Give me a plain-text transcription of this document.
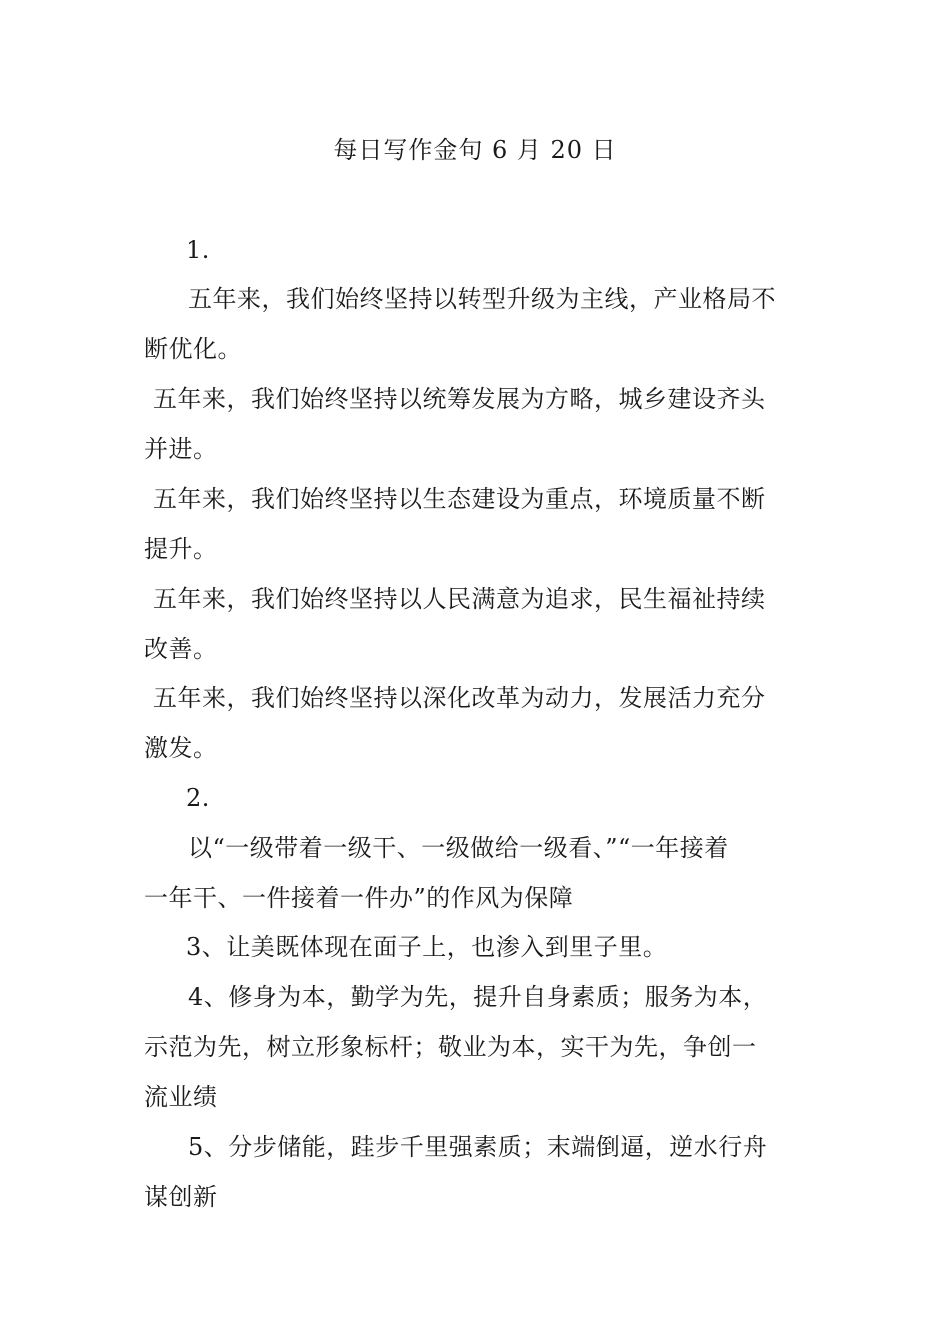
每日写作金句 6 月 20 日
1.
五年来，我们始终坚持以转型升级为主线，产业格局不
断优化。
五年来，我们始终坚持以统筹发展为方略，城乡建设齐头
并进。
五年来，我们始终坚持以生态建设为重点，环境质量不断
提升。
五年来，我们始终坚持以人民满意为追求，民生福祉持续
改善。
五年来，我们始终坚持以深化改革为动力，发展活力充分
激发。
2.
以“一级带着一级干、一级做给一级看、”“一年接着
一年干、一件接着一件办”的作风为保障
3、让美既体现在面子上，也渗入到里子里。
4、修身为本，勤学为先，提升自身素质；服务为本，
示范为先，树立形象标杆；敬业为本，实干为先，争创一
流业绩
5、分步储能，跬步千里强素质；末端倒逼，逆水行舟
谋创新
